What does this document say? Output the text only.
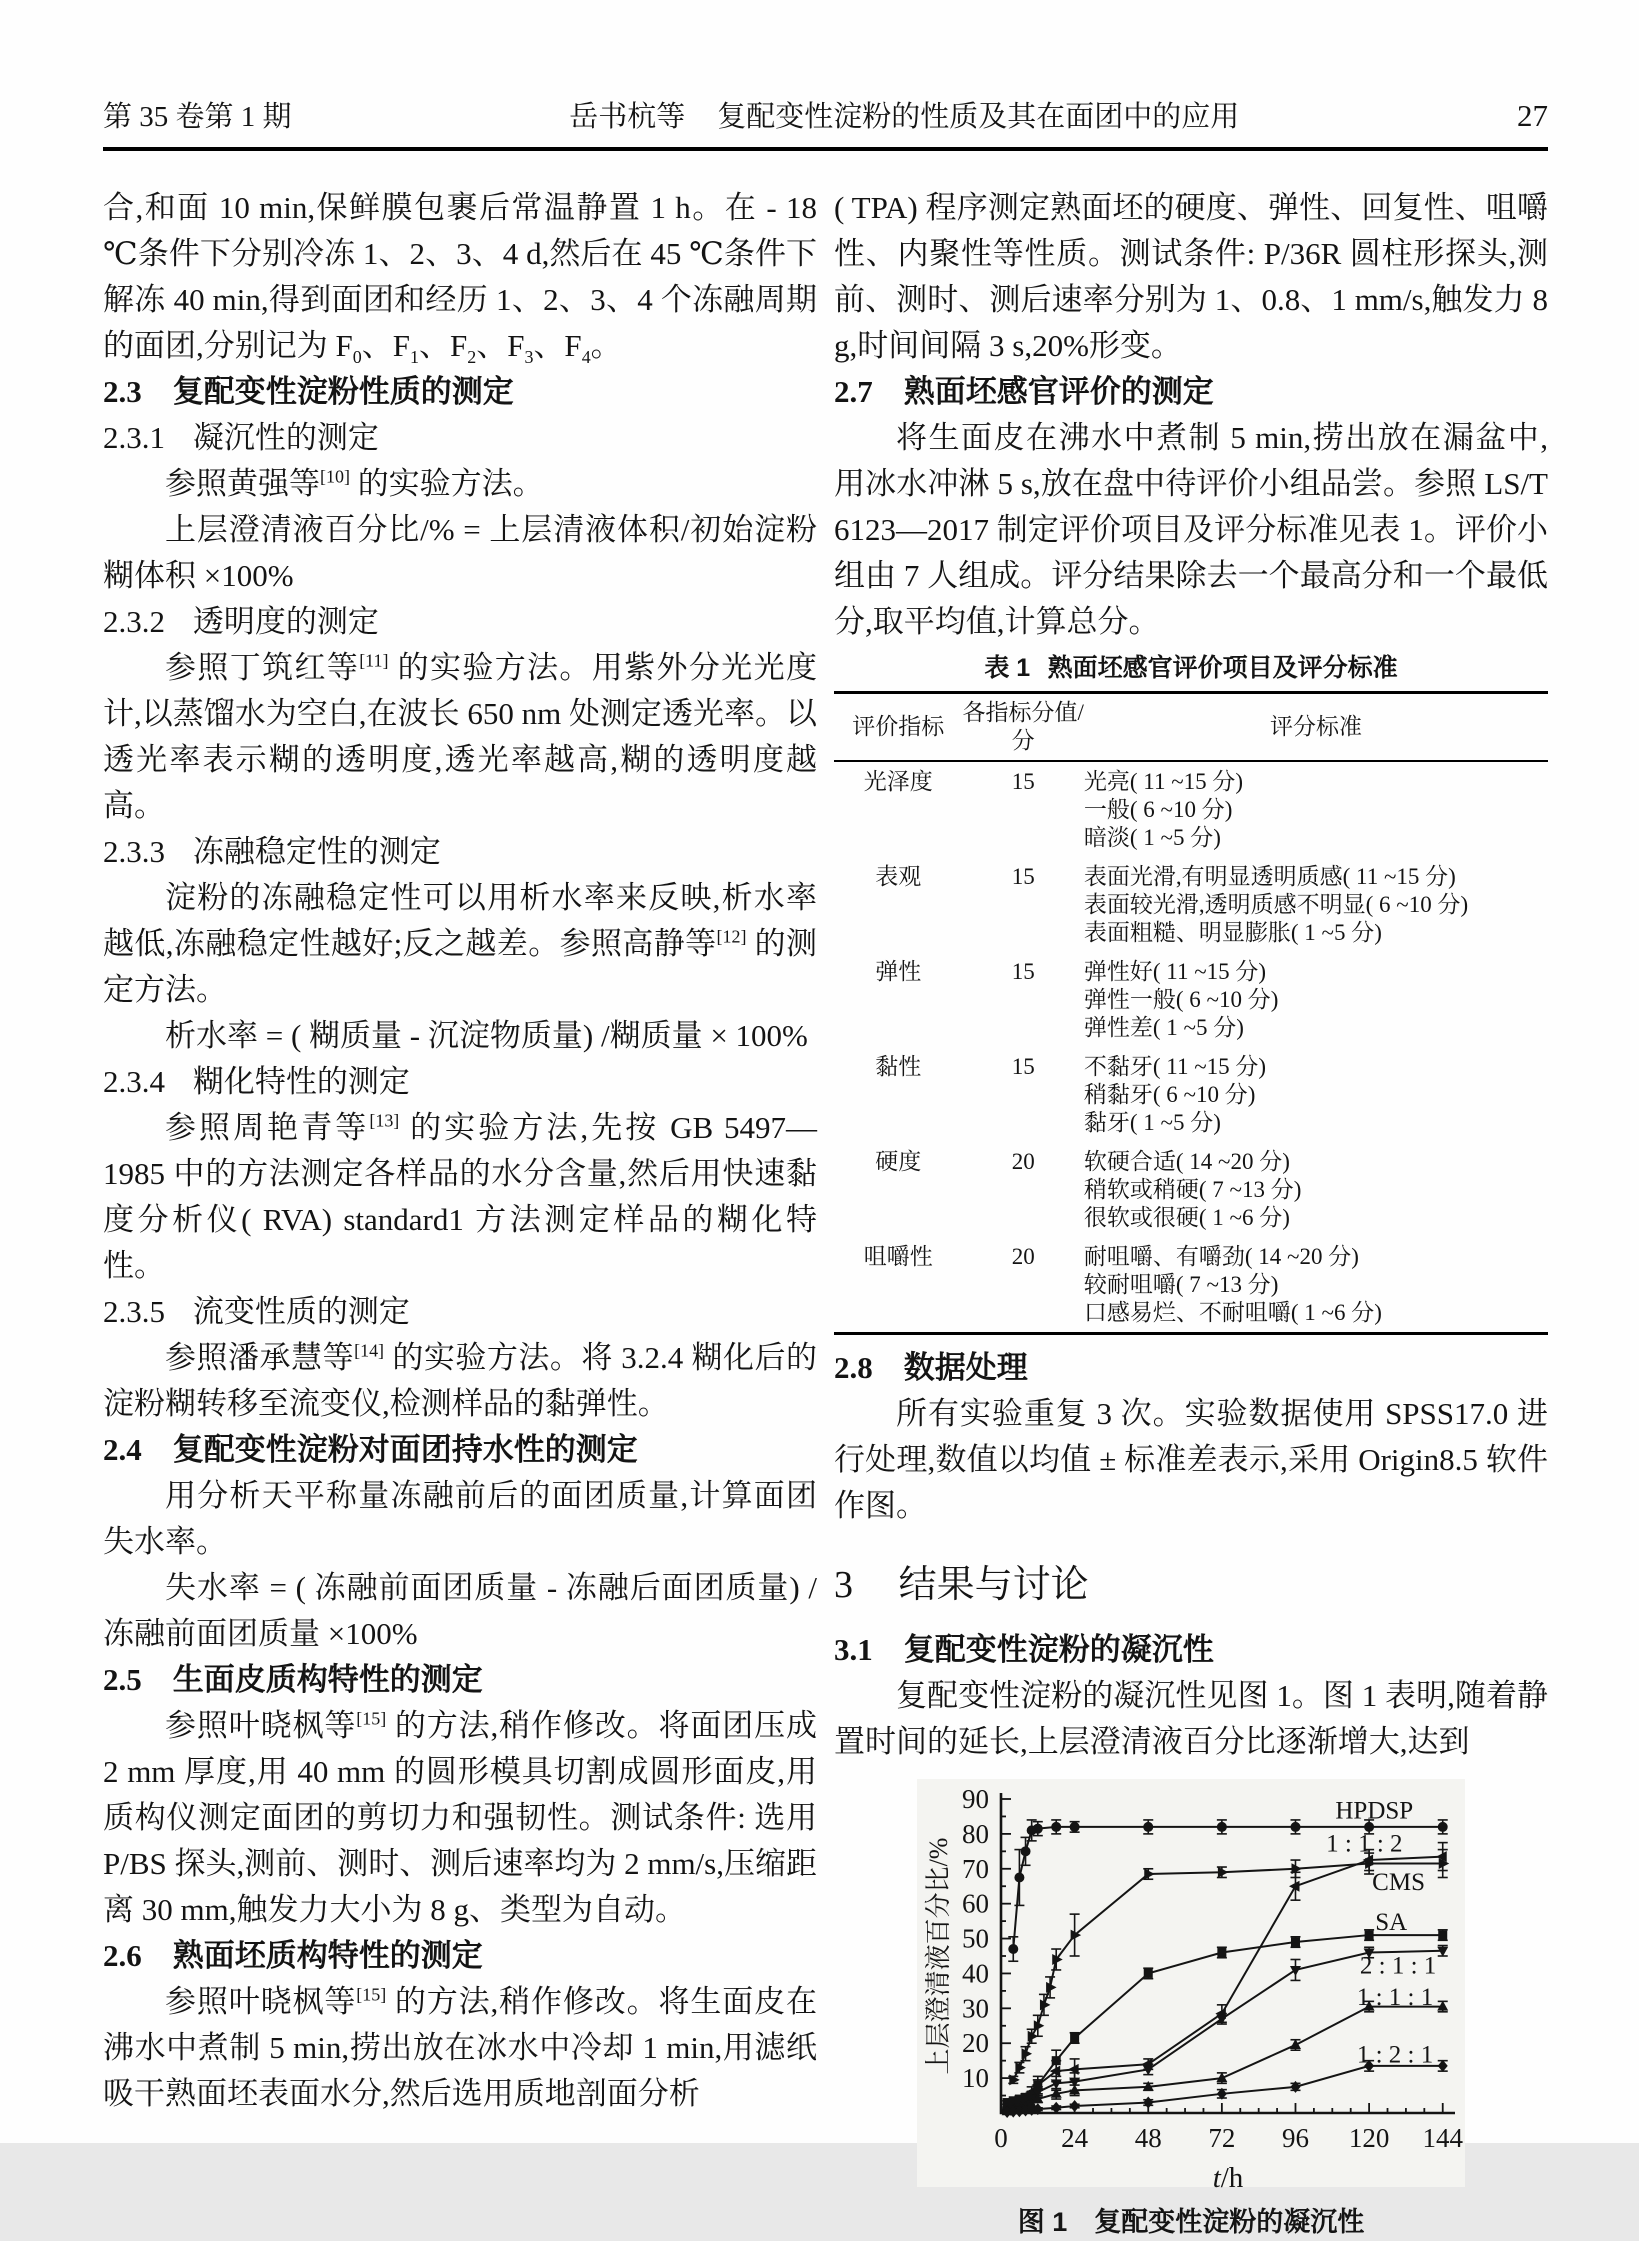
第 35 卷第 1 期	岳书杭等 复配变性淀粉的性质及其在面团中的应用	27
合,和面 10 min,保鲜膜包裹后常温静置 1 h。在 - 18 ℃条件下分别冷冻 1、2、3、4 d,然后在 45 ℃条件下解冻 40 min,得到面团和经历 1、2、3、4 个冻融周期的面团,分别记为 $F_0$、$F_1$、$F_2$、$F_3$、$F_4$。
2.3 复配变性淀粉性质的测定
2.3.1 凝沉性的测定
参照黄强等[10] 的实验方法。
上层澄清液百分比/% = 上层清液体积/初始淀粉糊体积 ×100%
2.3.2 透明度的测定
参照丁筑红等[11] 的实验方法。用紫外分光光度计,以蒸馏水为空白,在波长 650 nm 处测定透光率。以透光率表示糊的透明度,透光率越高,糊的透明度越高。
2.3.3 冻融稳定性的测定
淀粉的冻融稳定性可以用析水率来反映,析水率越低,冻融稳定性越好;反之越差。参照高静等[12] 的测定方法。
析水率 = ( 糊质量 - 沉淀物质量) /糊质量 × 100%
2.3.4 糊化特性的测定
参照周艳青等[13] 的实验方法,先按 GB 5497—1985 中的方法测定各样品的水分含量,然后用快速黏度分析仪( RVA) standard1 方法测定样品的糊化特性。
2.3.5 流变性质的测定
参照潘承慧等[14] 的实验方法。将 3.2.4 糊化后的淀粉糊转移至流变仪,检测样品的黏弹性。
2.4 复配变性淀粉对面团持水性的测定
用分析天平称量冻融前后的面团质量,计算面团失水率。
失水率 = ( 冻融前面团质量 - 冻融后面团质量) /冻融前面团质量 ×100%
2.5 生面皮质构特性的测定
参照叶晓枫等[15] 的方法,稍作修改。将面团压成 2 mm 厚度,用 40 mm 的圆形模具切割成圆形面皮,用质构仪测定面团的剪切力和强韧性。测试条件: 选用 P/BS 探头,测前、测时、测后速率均为 2 mm/s,压缩距离 30 mm,触发力大小为 8 g、类型为自动。
2.6 熟面坯质构特性的测定
参照叶晓枫等[15] 的方法,稍作修改。将生面皮在沸水中煮制 5 min,捞出放在冰水中冷却 1 min,用滤纸吸干熟面坯表面水分,然后选用质地剖面分析
( TPA) 程序测定熟面坯的硬度、弹性、回复性、咀嚼性、内聚性等性质。测试条件: P/36R 圆柱形探头,测前、测时、测后速率分别为 1、0.8、1 mm/s,触发力 8 g,时间间隔 3 s,20%形变。
2.7 熟面坯感官评价的测定
将生面皮在沸水中煮制 5 min,捞出放在漏盆中,用冰水冲淋 5 s,放在盘中待评价小组品尝。参照 LS/T 6123—2017 制定评价项目及评分标准见表 1。评价小组由 7 人组成。评分结果除去一个最高分和一个最低分,取平均值,计算总分。
表 1 熟面坯感官评价项目及评分标准
评价指标	各指标分值/分	评分标准
光泽度	15	光亮( 11 ~15 分)
一般( 6 ~10 分)
暗淡( 1 ~5 分)
表观	15	表面光滑,有明显透明质感( 11 ~15 分)
表面较光滑,透明质感不明显( 6 ~10 分)
表面粗糙、明显膨胀( 1 ~5 分)
弹性	15	弹性好( 11 ~15 分)
弹性一般( 6 ~10 分)
弹性差( 1 ~5 分)
黏性	15	不黏牙( 11 ~15 分)
稍黏牙( 6 ~10 分)
黏牙( 1 ~5 分)
硬度	20	软硬合适( 14 ~20 分)
稍软或稍硬( 7 ~13 分)
很软或很硬( 1 ~6 分)
咀嚼性	20	耐咀嚼、有嚼劲( 14 ~20 分)
较耐咀嚼( 7 ~13 分)
口感易烂、不耐咀嚼( 1 ~6 分)
2.8 数据处理
所有实验重复 3 次。实验数据使用 SPSS17.0 进行处理,数值以均值 ± 标准差表示,采用 Origin8.5 软件作图。
3 结果与讨论
3.1 复配变性淀粉的凝沉性
复配变性淀粉的凝沉性见图 1。图 1 表明,随着静置时间的延长,上层澄清液百分比逐渐增大,达到
10
20
30
40
50
60
70
80
90
0 24 48 72 96 120 144
上层澄清液百分比/%
t/h
HPDSP
1 : 1 : 2
CMS
SA
2 : 1 : 1
1 : 1 : 1
1 : 2 : 1
图 1 复配变性淀粉的凝沉性
